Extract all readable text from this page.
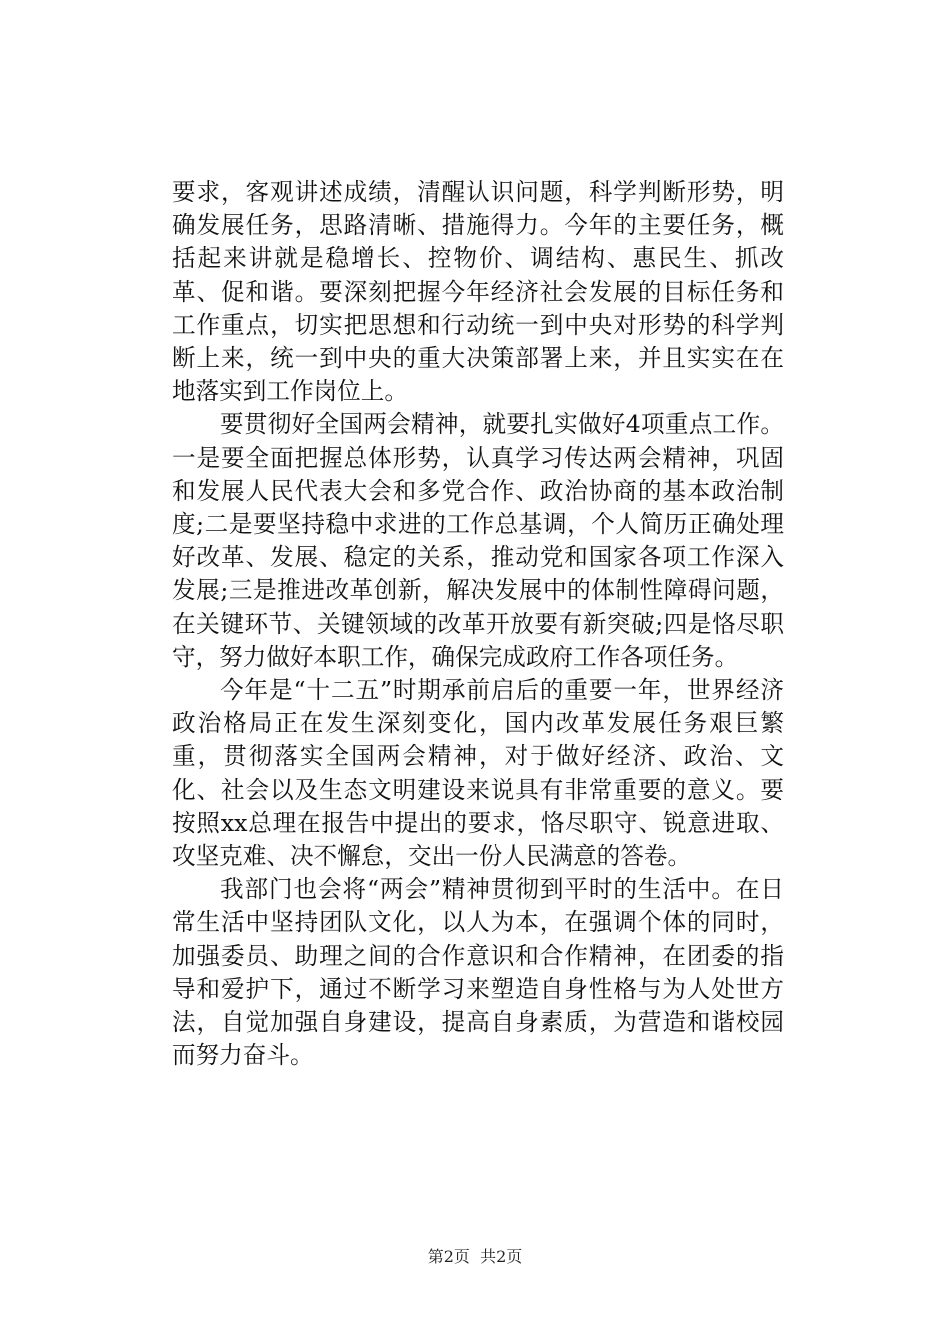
要求，客观讲述成绩，清醒认识问题，科学判断形势，明确发展任务，思路清晰、措施得力。今年的主要任务，概括起来讲就是稳增长、控物价、调结构、惠民生、抓改革、促和谐。要深刻把握今年经济社会发展的目标任务和工作重点，切实把思想和行动统一到中央对形势的科学判断上来，统一到中央的重大决策部署上来，并且实实在在地落实到工作岗位上。

要贯彻好全国两会精神，就要扎实做好4项重点工作。一是要全面把握总体形势，认真学习传达两会精神，巩固和发展人民代表大会和多党合作、政治协商的基本政治制度;二是要坚持稳中求进的工作总基调，个人简历正确处理好改革、发展、稳定的关系，推动党和国家各项工作深入发展;三是推进改革创新，解决发展中的体制性障碍问题，在关键环节、关键领域的改革开放要有新突破;四是恪尽职守，努力做好本职工作，确保完成政府工作各项任务。

今年是“十二五”时期承前启后的重要一年，世界经济政治格局正在发生深刻变化，国内改革发展任务艰巨繁重，贯彻落实全国两会精神，对于做好经济、政治、文化、社会以及生态文明建设来说具有非常重要的意义。要按照xx总理在报告中提出的要求，恪尽职守、锐意进取、攻坚克难、决不懈怠，交出一份人民满意的答卷。

我部门也会将“两会”精神贯彻到平时的生活中。在日常生活中坚持团队文化，以人为本，在强调个体的同时，加强委员、助理之间的合作意识和合作精神，在团委的指导和爱护下，通过不断学习来塑造自身性格与为人处世方法，自觉加强自身建设，提高自身素质，为营造和谐校园而努力奋斗。

第2页  共2页
